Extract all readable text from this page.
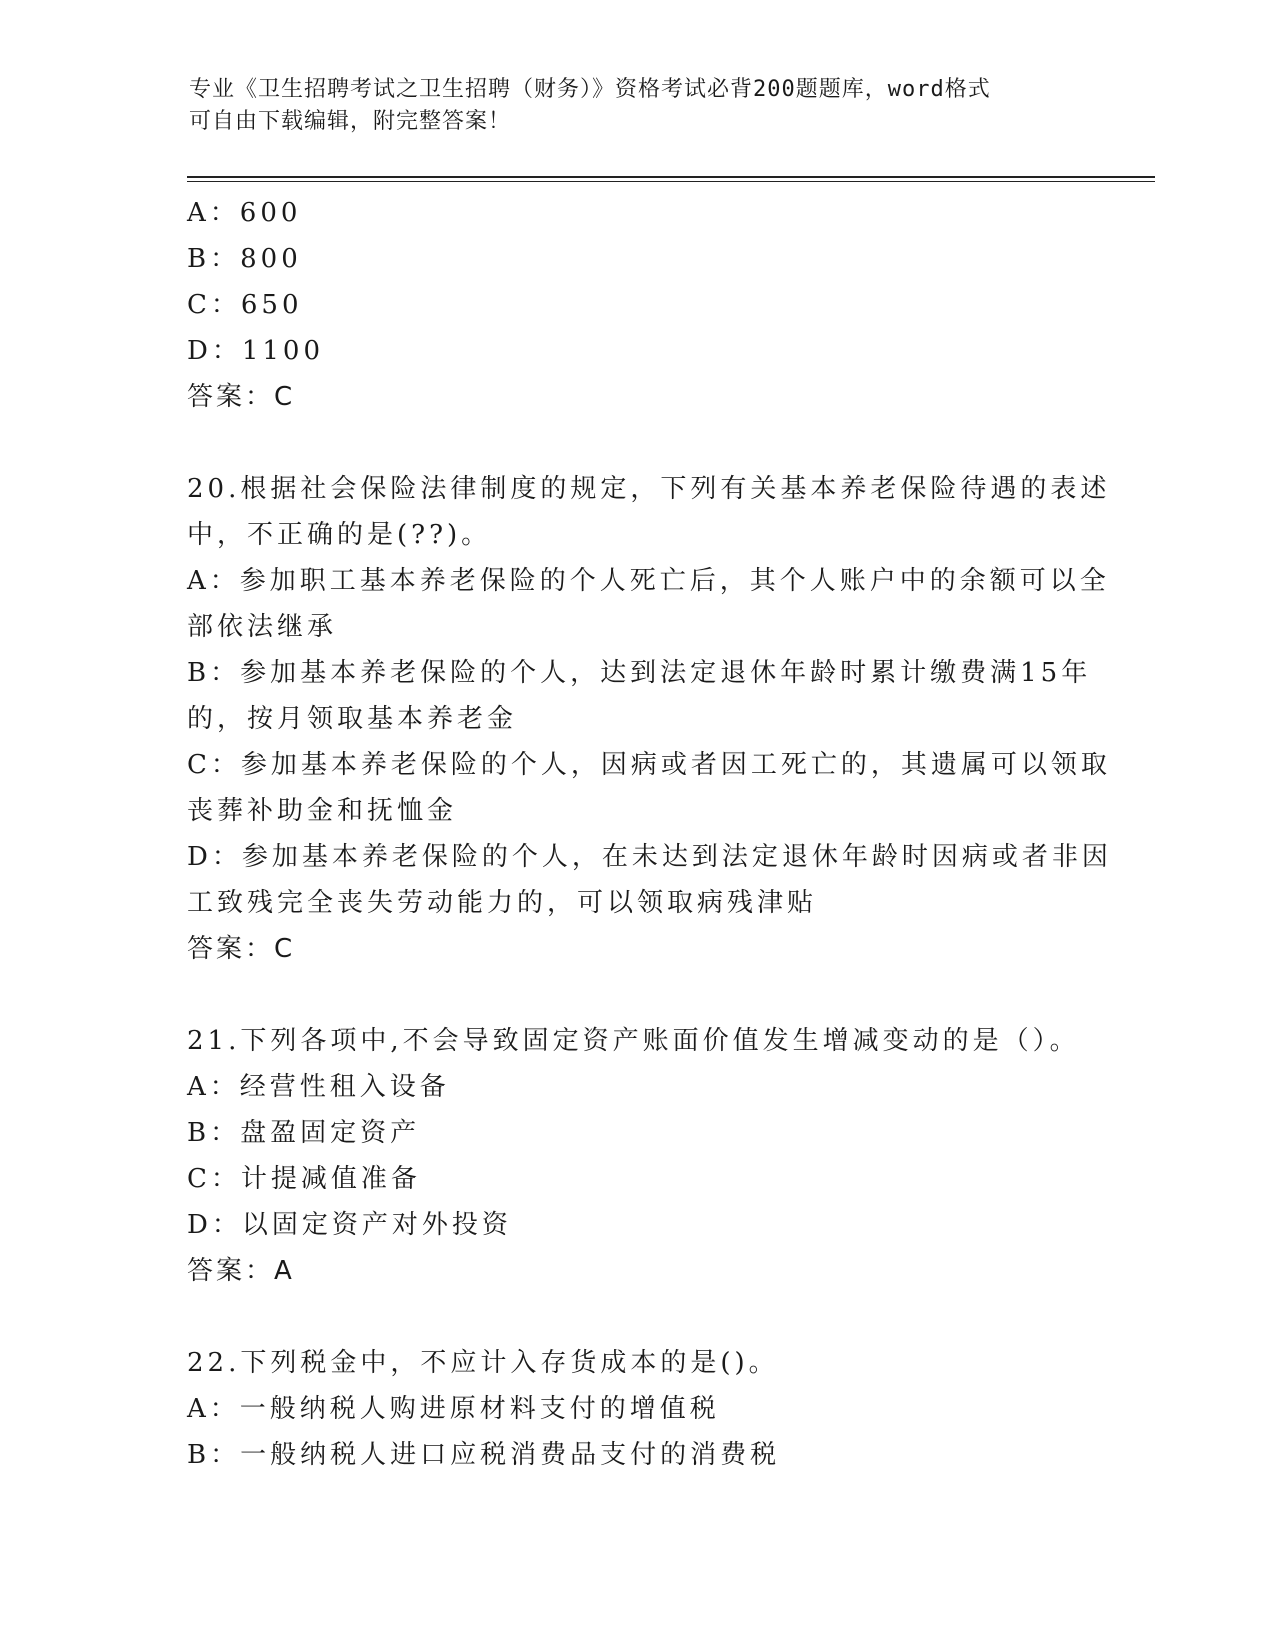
专业《卫生招聘考试之卫生招聘（财务）》资格考试必背200题题库，word格式

可自由下载编辑，附完整答案！

A：600

B：800

C：650

D：1100

答案：C

20.根据社会保险法律制度的规定，下列有关基本养老保险待遇的表述

中，不正确的是(??)。

A：参加职工基本养老保险的个人死亡后，其个人账户中的余额可以全

部依法继承

B：参加基本养老保险的个人，达到法定退休年龄时累计缴费满15年

的，按月领取基本养老金

C：参加基本养老保险的个人，因病或者因工死亡的，其遗属可以领取

丧葬补助金和抚恤金

D：参加基本养老保险的个人，在未达到法定退休年龄时因病或者非因

工致残完全丧失劳动能力的，可以领取病残津贴

答案：C

21.下列各项中,不会导致固定资产账面价值发生增减变动的是（）。

A：经营性租入设备

B：盘盈固定资产

C：计提减值准备

D：以固定资产对外投资

答案：A

22.下列税金中，不应计入存货成本的是()。

A：一般纳税人购进原材料支付的增值税

B：一般纳税人进口应税消费品支付的消费税
